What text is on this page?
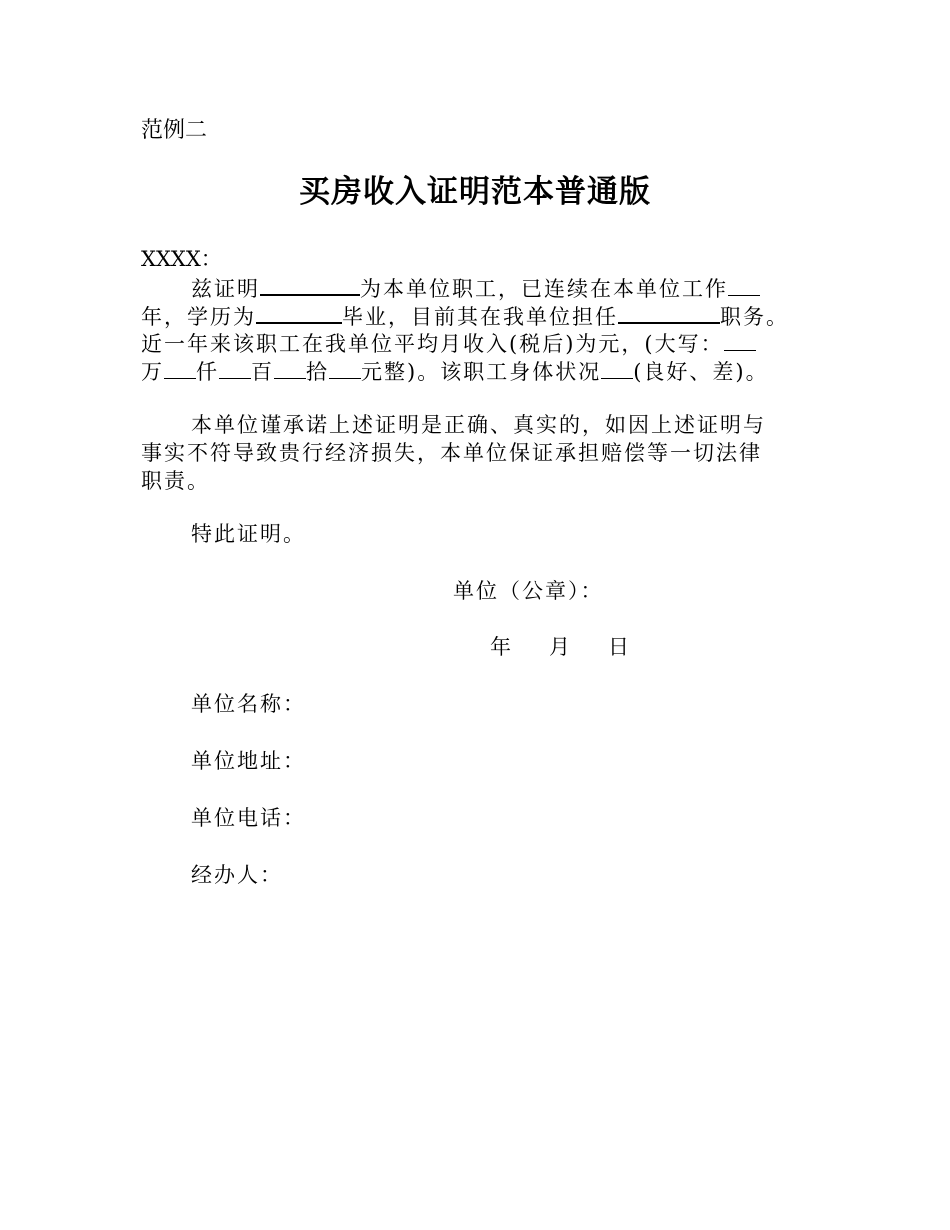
范例二
买房收入证明范本普通版
XXXX：
兹证明	为本单位职工，已连续在本单位工作
年，学历为	毕业，目前其在我单位担任	职务。
近一年来该职工在我单位平均月收入(税后)为元，(大写：
万 仟 百 拾 元整)。该职工身体状况 (良好、差)。
本单位谨承诺上述证明是正确、真实的，如因上述证明与
事实不符导致贵行经济损失，本单位保证承担赔偿等一切法律
职责。
特此证明。
单位（公章）：
年 月 日
单位名称：
单位地址：
单位电话：
经办人：
